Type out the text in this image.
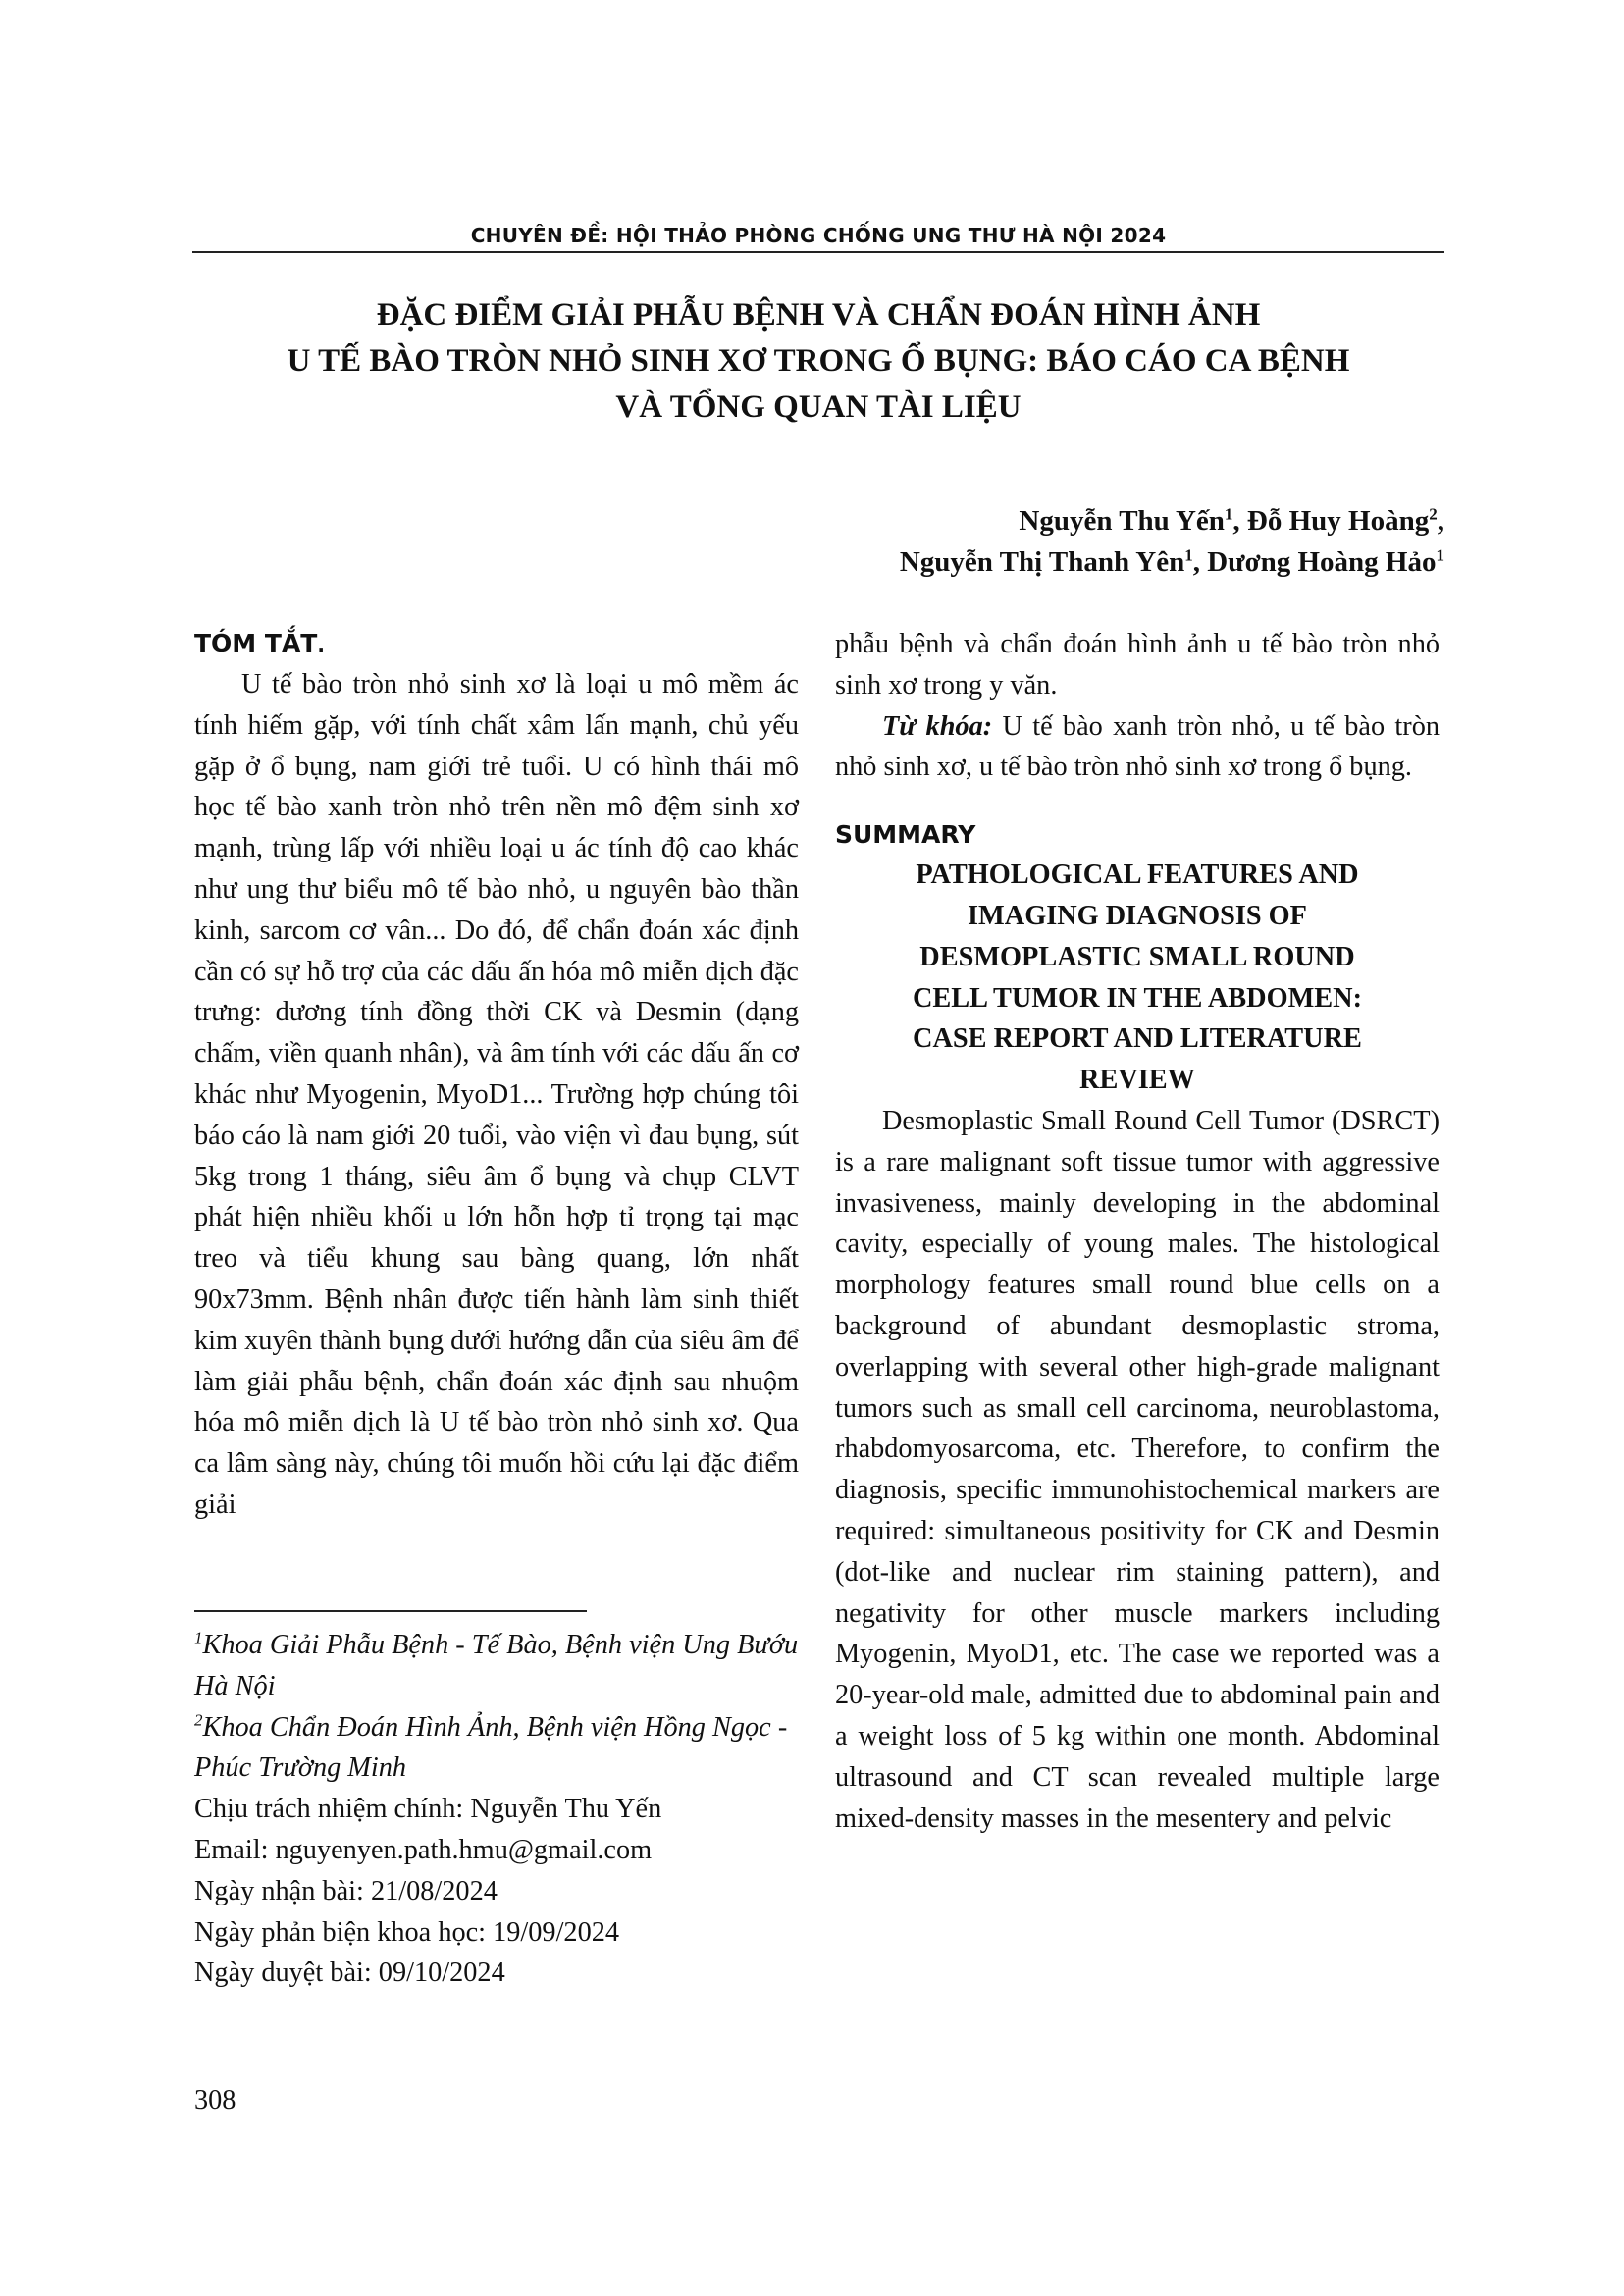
CHUYÊN ĐỀ: HỘI THẢO PHÒNG CHỐNG UNG THƯ HÀ NỘI 2024
ĐẶC ĐIỂM GIẢI PHẪU BỆNH VÀ CHẨN ĐOÁN HÌNH ẢNH
U TẾ BÀO TRÒN NHỎ SINH XƠ TRONG Ổ BỤNG: BÁO CÁO CA BỆNH
VÀ TỔNG QUAN TÀI LIỆU
Nguyễn Thu Yến$^1$, Đỗ Huy Hoàng$^2$,
Nguyễn Thị Thanh Yên$^1$, Dương Hoàng Hảo$^1$

TÓM TẮT.

U tế bào tròn nhỏ sinh xơ là loại u mô mềm ác tính hiếm gặp, với tính chất xâm lấn mạnh, chủ yếu gặp ở ổ bụng, nam giới trẻ tuổi. U có hình thái mô học tế bào xanh tròn nhỏ trên nền mô đệm sinh xơ mạnh, trùng lấp với nhiều loại u ác tính độ cao khác như ung thư biểu mô tế bào nhỏ, u nguyên bào thần kinh, sarcom cơ vân... Do đó, để chẩn đoán xác định cần có sự hỗ trợ của các dấu ấn hóa mô miễn dịch đặc trưng: dương tính đồng thời CK và Desmin (dạng chấm, viền quanh nhân), và âm tính với các dấu ấn cơ khác như Myogenin, MyoD1... Trường hợp chúng tôi báo cáo là nam giới 20 tuổi, vào viện vì đau bụng, sút 5kg trong 1 tháng, siêu âm ổ bụng và chụp CLVT phát hiện nhiều khối u lớn hỗn hợp tỉ trọng tại mạc treo và tiểu khung sau bàng quang, lớn nhất 90x73mm. Bệnh nhân được tiến hành làm sinh thiết kim xuyên thành bụng dưới hướng dẫn của siêu âm để làm giải phẫu bệnh, chẩn đoán xác định sau nhuộm hóa mô miễn dịch là U tế bào tròn nhỏ sinh xơ. Qua ca lâm sàng này, chúng tôi muốn hồi cứu lại đặc điểm giải

phẫu bệnh và chẩn đoán hình ảnh u tế bào tròn nhỏ sinh xơ trong y văn.

Từ khóa: U tế bào xanh tròn nhỏ, u tế bào tròn nhỏ sinh xơ, u tế bào tròn nhỏ sinh xơ trong ổ bụng.

SUMMARY

PATHOLOGICAL FEATURES AND
IMAGING DIAGNOSIS OF
DESMOPLASTIC SMALL ROUND
CELL TUMOR IN THE ABDOMEN:
CASE REPORT AND LITERATURE
REVIEW

Desmoplastic Small Round Cell Tumor (DSRCT) is a rare malignant soft tissue tumor with aggressive invasiveness, mainly developing in the abdominal cavity, especially of young males. The histological morphology features small round blue cells on a background of abundant desmoplastic stroma, overlapping with several other high-grade malignant tumors such as small cell carcinoma, neuroblastoma, rhabdomyosarcoma, etc. Therefore, to confirm the diagnosis, specific immunohistochemical markers are required: simultaneous positivity for CK and Desmin (dot-like and nuclear rim staining pattern), and negativity for other muscle markers including Myogenin, MyoD1, etc. The case we reported was a 20-year-old male, admitted due to abdominal pain and a weight loss of 5 kg within one month. Abdominal ultrasound and CT scan revealed multiple large mixed-density masses in the mesentery and pelvic

$^1$Khoa Giải Phẫu Bệnh - Tế Bào, Bệnh viện Ung Bướu Hà Nội

$^2$Khoa Chẩn Đoán Hình Ảnh, Bệnh viện Hồng Ngọc - Phúc Trường Minh

Chịu trách nhiệm chính: Nguyễn Thu Yến

Email: nguyenyen.path.hmu@gmail.com

Ngày nhận bài: 21/08/2024

Ngày phản biện khoa học: 19/09/2024

Ngày duyệt bài: 09/10/2024

308
